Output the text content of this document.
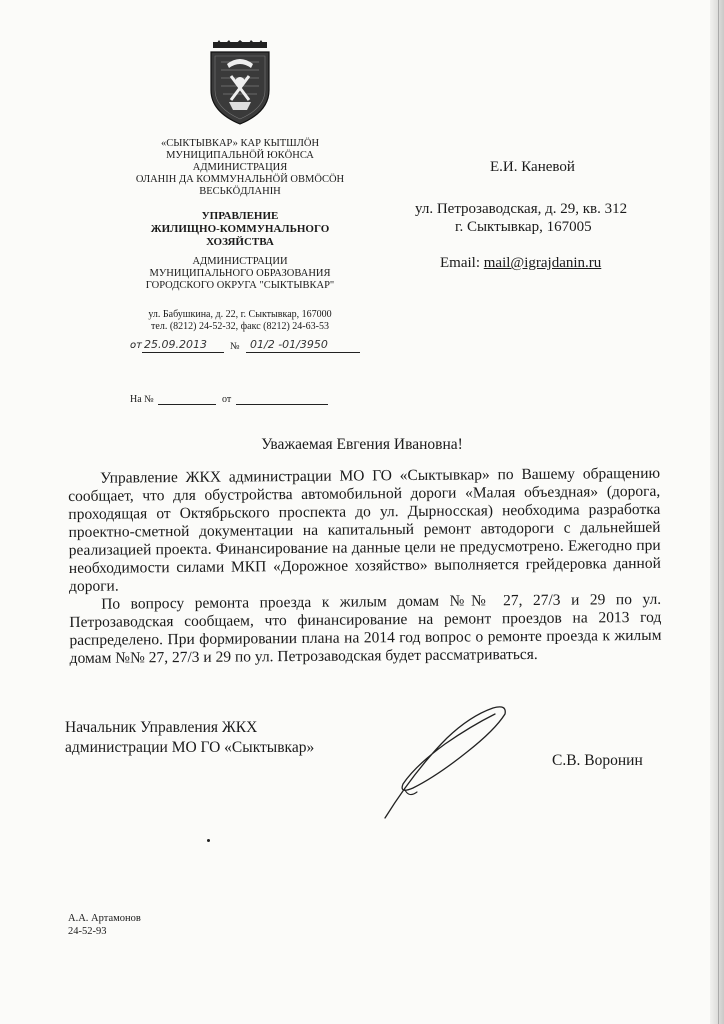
«СЫКТЫВКАР» КАР КЫТШЛӦН
МУНИЦИПАЛЬНӦЙ ЮКӦНСА
АДМИНИСТРАЦИЯ
ОЛАНІН ДА КОММУНАЛЬНӦЙ ОВМӦСӦН
ВЕСЬКӦДЛАНІН
УПРАВЛЕНИЕ
ЖИЛИЩНО-КОММУНАЛЬНОГО
ХОЗЯЙСТВА
АДМИНИСТРАЦИИ
МУНИЦИПАЛЬНОГО ОБРАЗОВАНИЯ
ГОРОДСКОГО ОКРУГА "СЫКТЫВКАР"
ул. Бабушкина, д. 22, г. Сыктывкар, 167000
тел. (8212) 24-52-32, факс (8212) 24-63-53
от 25.09.2013 № 01/2 -01/3950
На №	от
Е.И. Каневой
ул. Петрозаводская, д. 29, кв. 312
г. Сыктывкар, 167005
Email: mail@igrajdanin.ru
Уважаемая Евгения Ивановна!

Управление ЖКХ администрации МО ГО «Сыктывкар» по Вашему обращению сообщает, что для обустройства автомобильной дороги «Малая объездная» (дорога, проходящая от Октябрьского проспекта до ул. Дырносская) необходима разработка проектно-сметной документации на капитальный ремонт автодороги с дальнейшей реализацией проекта. Финансирование на данные цели не предусмотрено. Ежегодно при необходимости силами МКП «Дорожное хозяйство» выполняется грейдеровка данной дороги.

По вопросу ремонта проезда к жилым домам №№ 27, 27/3 и 29 по ул. Петрозаводская сообщаем, что финансирование на ремонт проездов на 2013 год распределено. При формировании плана на 2014 год вопрос о ремонте проезда к жилым домам №№ 27, 27/3 и 29 по ул. Петрозаводская будет рассматриваться.

Начальник Управления ЖКХ
администрации МО ГО «Сыктывкар»
С.В. Воронин
А.А. Артамонов
24-52-93
